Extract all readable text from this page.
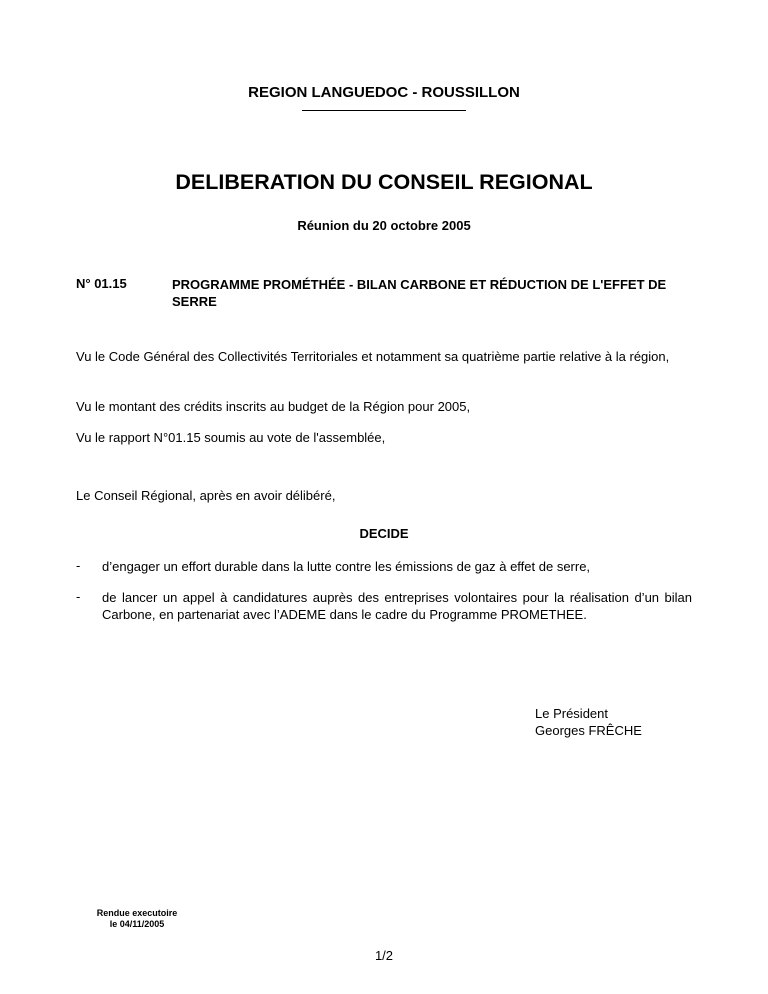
REGION LANGUEDOC - ROUSSILLON
DELIBERATION DU CONSEIL REGIONAL
Réunion du 20 octobre 2005
N° 01.15	PROGRAMME PROMÉTHÉE - BILAN CARBONE ET RÉDUCTION DE L'EFFET DE SERRE
Vu le Code Général des Collectivités Territoriales et notamment sa quatrième partie relative à la région,
Vu le montant des crédits inscrits au budget de la Région pour 2005,
Vu le rapport N°01.15 soumis au vote de l'assemblée,
Le Conseil Régional, après en avoir délibéré,
DECIDE
- d’engager un effort durable dans la lutte contre les émissions de gaz à effet de serre,
- de lancer un appel à candidatures auprès des entreprises volontaires pour la réalisation d’un bilan Carbone, en partenariat avec l’ADEME dans le cadre du Programme PROMETHEE.
Le Président
Georges FRÊCHE
Rendue executoire
le 04/11/2005
1/2
